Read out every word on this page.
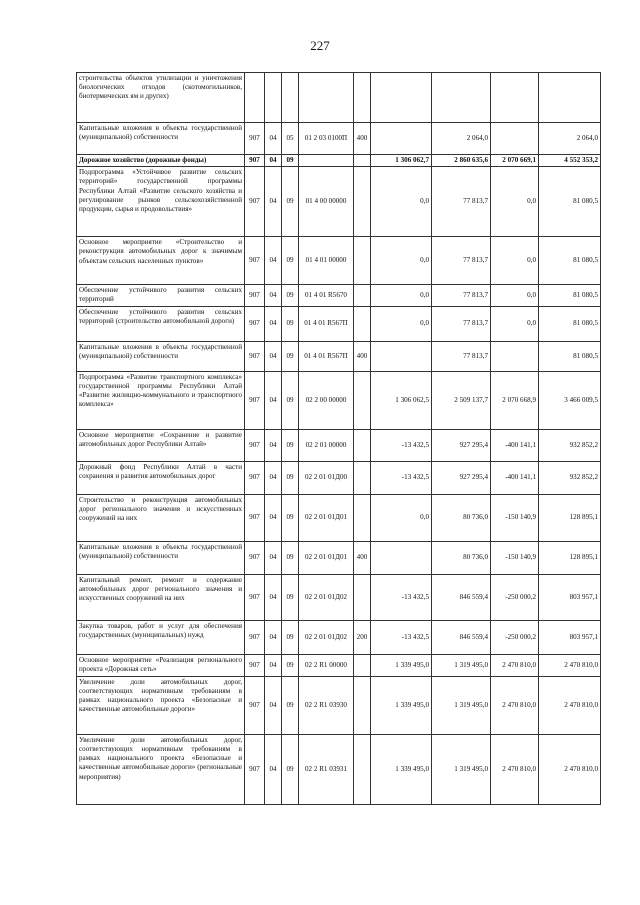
227
строительства объектов утилизации и уничтожения биологических отходов (скотомогильников, биотермических ям и других)									
Капитальные вложения в объекты государственной (муниципальной) собственности	907	04	05	01 2 03 0100П	400		2 064,0		2 064,0
Дорожное хозяйство (дорожные фонды)	907	04	09			1 306 062,7	2 860 635,6	2 070 669,1	4 552 353,2
Подпрограмма «Устойчивое развитие сельских территорий» государственной программы Республики Алтай «Развитие сельского хозяйства и регулирование рынков сельскохозяйственной продукции, сырья и продовольствия»	907	04	09	01 4 00 00000		0,0	77 813,7	0,0	81 080,5
Основное мероприятие «Строительство и реконструкция автомобильных дорог к значимым объектам сельских населенных пунктов»	907	04	09	01 4 01 00000		0,0	77 813,7	0,0	81 080,5
Обеспечение устойчивого развития сельских территорий	907	04	09	01 4 01 R5670		0,0	77 813,7	0,0	81 080,5
Обеспечение устойчивого развития сельских территорий (строительство автомобильной дороги)	907	04	09	01 4 01 R567П		0,0	77 813,7	0,0	81 080,5
Капитальные вложения в объекты государственной (муниципальной) собственности	907	04	09	01 4 01 R567П	400		77 813,7		81 080,5
Подпрограмма «Развитие транспортного комплекса» государственной программы Республики Алтай «Развитие жилищно-коммунального и транспортного комплекса»	907	04	09	02 2 00 00000		1 306 062,5	2 509 137,7	2 070 668,9	3 466 009,5
Основное мероприятие «Сохранение и развитие автомобильных дорог Республики Алтай»	907	04	09	02 2 01 00000		-13 432,5	927 295,4	-400 141,1	932 852,2
Дорожный фонд Республики Алтай в части сохранения и развития автомобильных дорог	907	04	09	02 2 01 01Д00		-13 432,5	927 295,4	-400 141,1	932 852,2
Строительство и реконструкция автомобильных дорог регионального значения и искусственных сооружений на них	907	04	09	02 2 01 01Д01		0,0	80 736,0	-150 140,9	128 895,1
Капитальные вложения в объекты государственной (муниципальной) собственности	907	04	09	02 2 01 01Д01	400		80 736,0	-150 140,9	128 895,1
Капитальный ремонт, ремонт и содержание автомобильных дорог регионального значения и искусственных сооружений на них	907	04	09	02 2 01 01Д02		-13 432,5	846 559,4	-250 000,2	803 957,1
Закупка товаров, работ и услуг для обеспечения государственных (муниципальных) нужд	907	04	09	02 2 01 01Д02	200	-13 432,5	846 559,4	-250 000,2	803 957,1
Основное мероприятие «Реализация регионального проекта «Дорожная сеть»	907	04	09	02 2 R1 00000		1 339 495,0	1 319 495,0	2 470 810,0	2 470 810,0
Увеличение доли автомобильных дорог, соответствующих нормативным требованиям в рамках национального проекта «Безопасные и качественные автомобильные дороги»	907	04	09	02 2 R1 03930		1 339 495,0	1 319 495,0	2 470 810,0	2 470 810,0
Увеличение доли автомобильных дорог, соответствующих нормативным требованиям в рамках национального проекта «Безопасные и качественные автомобильные дороги» (региональные мероприятия)	907	04	09	02 2 R1 03931		1 339 495,0	1 319 495,0	2 470 810,0	2 470 810,0
